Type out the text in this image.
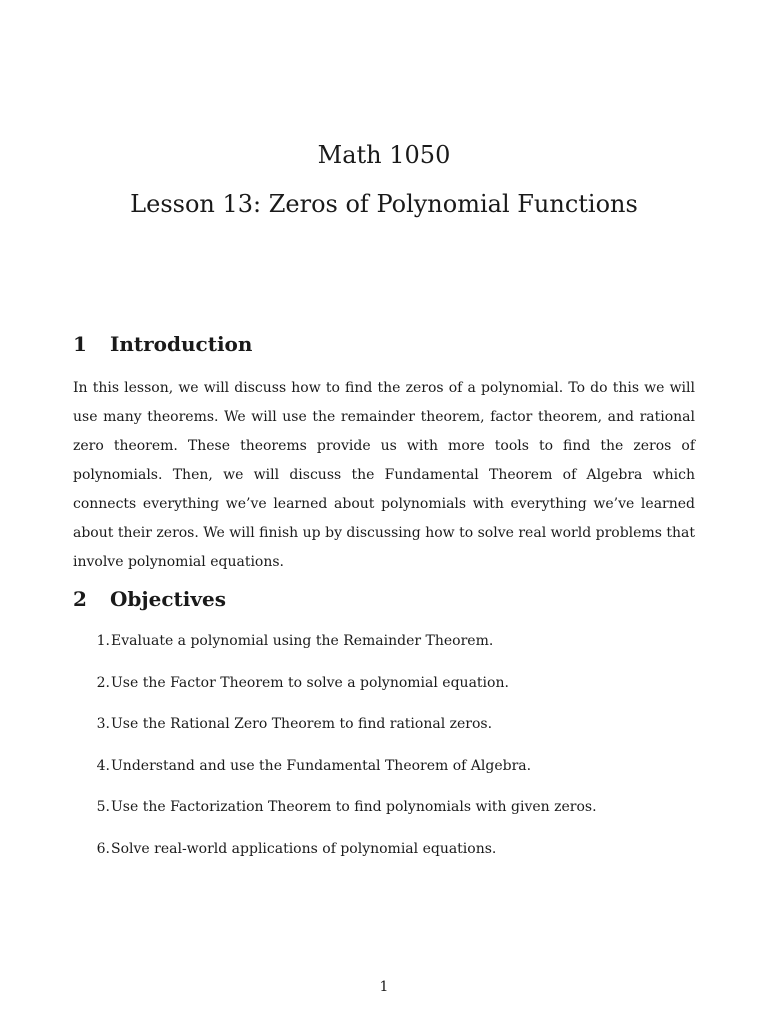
Math 1050
Lesson 13: Zeros of Polynomial Functions
1	Introduction

In this lesson, we will discuss how to find the zeros of a polynomial. To do this we will use many theorems. We will use the remainder theorem, factor theorem, and rational zero theorem. These theorems provide us with more tools to find the zeros of polynomials. Then, we will discuss the Fundamental Theorem of Algebra which connects everything we’ve learned about polynomials with everything we’ve learned about their zeros. We will finish up by discussing how to solve real world problems that involve polynomial equations.

2	Objectives
1. Evaluate a polynomial using the Remainder Theorem.
2. Use the Factor Theorem to solve a polynomial equation.
3. Use the Rational Zero Theorem to find rational zeros.
4. Understand and use the Fundamental Theorem of Algebra.
5. Use the Factorization Theorem to find polynomials with given zeros.
6. Solve real-world applications of polynomial equations.
1
